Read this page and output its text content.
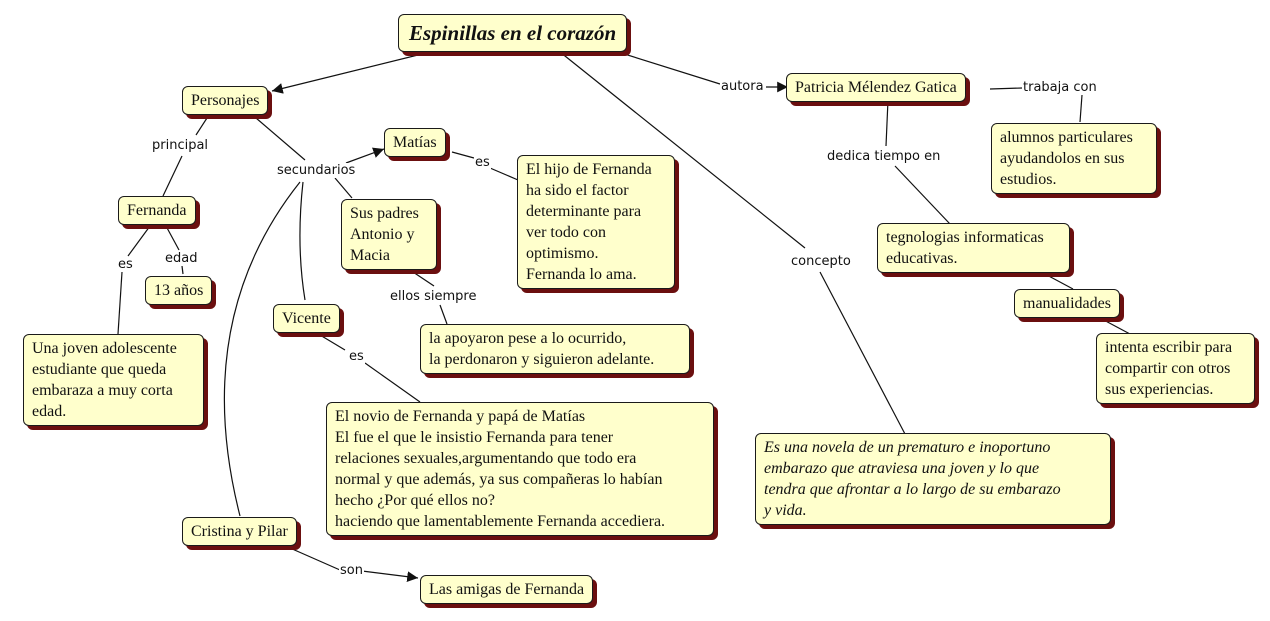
autora	trabaja con
dedica tiempo en
concepto
principal
secundarios
es
ellos siempre
es edad
es
son
Espinillas en el corazón
Personajes
Fernanda
13 años
Una joven adolescente
estudiante que queda
embaraza a muy corta
edad.
Matías
El hijo de Fernanda
ha sido el factor
determinante para
ver todo con
optimismo.
Fernanda lo ama.
Sus padres
Antonio y
Macia
la apoyaron pese a lo ocurrido,
la perdonaron y siguieron adelante.
Vicente
El novio de Fernanda y papá de Matías
El fue el que le insistio Fernanda para tener
relaciones sexuales,argumentando que todo era
normal y que además, ya sus compañeras lo habían
hecho ¿Por qué ellos no?
haciendo que lamentablemente Fernanda accediera.
Cristina y Pilar
Las amigas de Fernanda
Patricia Mélendez Gatica
alumnos particulares
ayudandolos en sus
estudios.
tegnologias informaticas
educativas.
manualidades
intenta escribir para
compartir con otros
sus experiencias.
Es una novela de un prematuro e inoportuno
embarazo que atraviesa una joven y lo que
tendra que afrontar a lo largo de su embarazo
y vida.
